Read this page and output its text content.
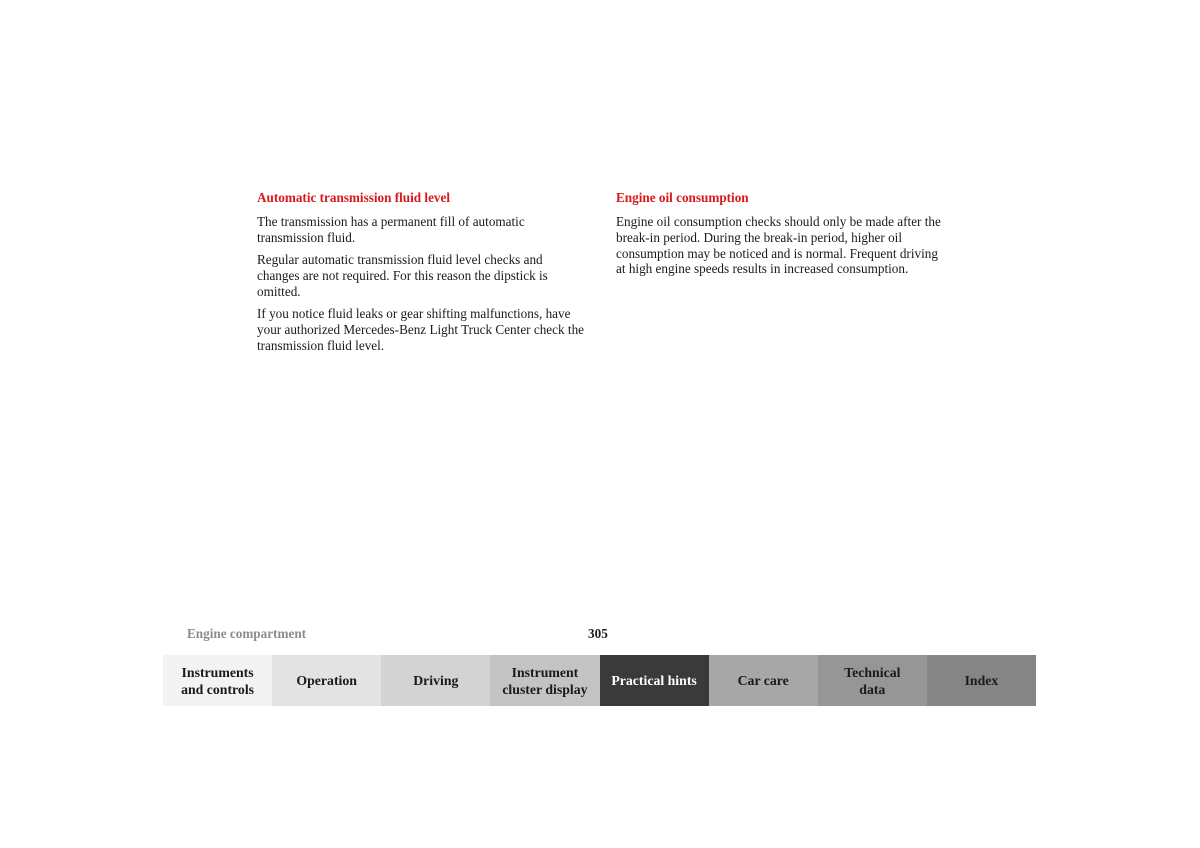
Automatic transmission fluid level

The transmission has a permanent fill of automatic transmission fluid.

Regular automatic transmission fluid level checks and changes are not required. For this reason the dipstick is omitted.

If you notice fluid leaks or gear shifting malfunctions, have your authorized Mercedes-Benz Light Truck Center check the transmission fluid level.

Engine oil consumption

Engine oil consumption checks should only be made after the break-in period. During the break-in period, higher oil consumption may be noticed and is normal. Frequent driving at high engine speeds results in increased consumption.

Engine compartment	305
Instruments
and controls
Operation	Driving
Instrument
cluster display
Practical hints	Car care
Technical
data
Index
